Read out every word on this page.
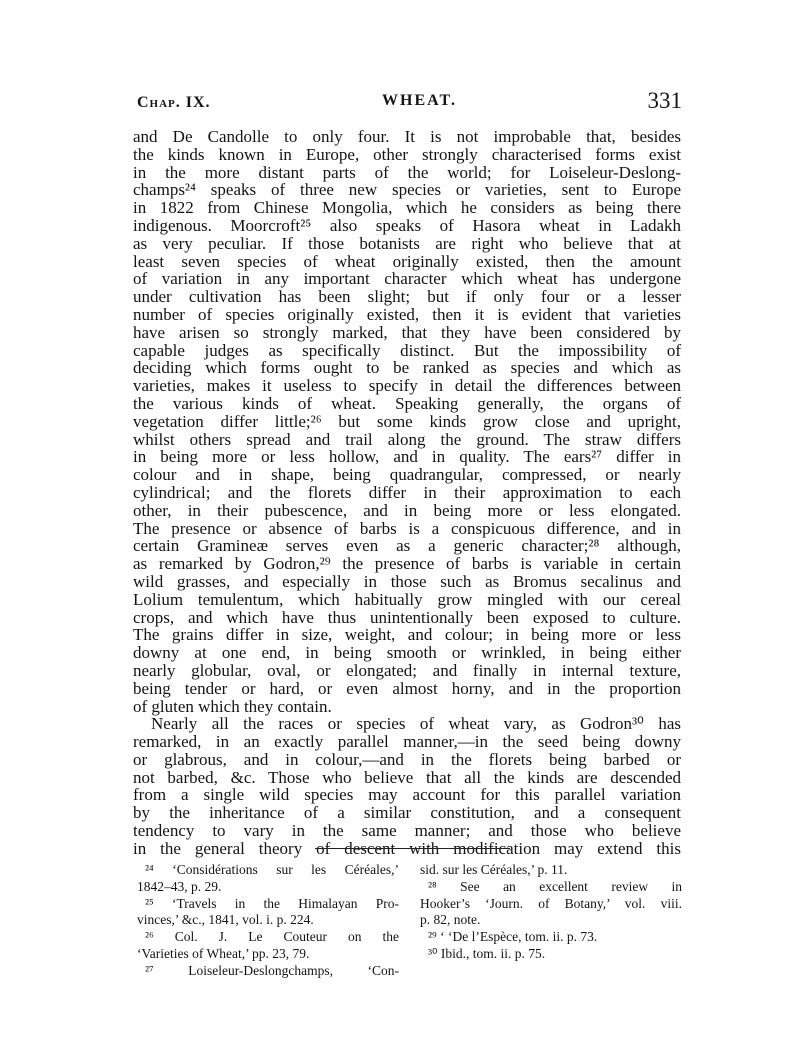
Chap. IX.	WHEAT.	331
and De Candolle to only four. It is not improbable that, besides
the kinds known in Europe, other strongly characterised forms exist
in the more distant parts of the world; for Loiseleur-Deslong-
champs²⁴ speaks of three new species or varieties, sent to Europe
in 1822 from Chinese Mongolia, which he considers as being there
indigenous. Moorcroft²⁵ also speaks of Hasora wheat in Ladakh
as very peculiar. If those botanists are right who believe that at
least seven species of wheat originally existed, then the amount
of variation in any important character which wheat has undergone
under cultivation has been slight; but if only four or a lesser
number of species originally existed, then it is evident that varieties
have arisen so strongly marked, that they have been considered by
capable judges as specifically distinct. But the impossibility of
deciding which forms ought to be ranked as species and which as
varieties, makes it useless to specify in detail the differences between
the various kinds of wheat. Speaking generally, the organs of
vegetation differ little;²⁶ but some kinds grow close and upright,
whilst others spread and trail along the ground. The straw differs
in being more or less hollow, and in quality. The ears²⁷ differ in
colour and in shape, being quadrangular, compressed, or nearly
cylindrical; and the florets differ in their approximation to each
other, in their pubescence, and in being more or less elongated.
The presence or absence of barbs is a conspicuous difference, and in
certain Gramineæ serves even as a generic character;²⁸ although,
as remarked by Godron,²⁹ the presence of barbs is variable in certain
wild grasses, and especially in those such as Bromus secalinus and
Lolium temulentum, which habitually grow mingled with our cereal
crops, and which have thus unintentionally been exposed to culture.
The grains differ in size, weight, and colour; in being more or less
downy at one end, in being smooth or wrinkled, in being either
nearly globular, oval, or elongated; and finally in internal texture,
being tender or hard, or even almost horny, and in the proportion
of gluten which they contain.
Nearly all the races or species of wheat vary, as Godron³⁰ has
remarked, in an exactly parallel manner,—in the seed being downy
or glabrous, and in colour,—and in the florets being barbed or
not barbed, &c. Those who believe that all the kinds are descended
from a single wild species may account for this parallel variation
by the inheritance of a similar constitution, and a consequent
tendency to vary in the same manner; and those who believe
in the general theory of descent with modification may extend this
²⁴ ‘Considérations sur les Céréales,’
1842–43, p. 29.
²⁵ ‘Travels in the Himalayan Pro-
vinces,’ &c., 1841, vol. i. p. 224.
²⁶ Col. J. Le Couteur on the
‘Varieties of Wheat,’ pp. 23, 79.
²⁷ Loiseleur-Deslongchamps, ‘Con-
sid. sur les Céréales,’ p. 11.
²⁸ See an excellent review in
Hooker’s ‘Journ. of Botany,’ vol. viii.
p. 82, note.
²⁹ ‘ ‘De l’Espèce, tom. ii. p. 73.
³⁰ Ibid., tom. ii. p. 75.
